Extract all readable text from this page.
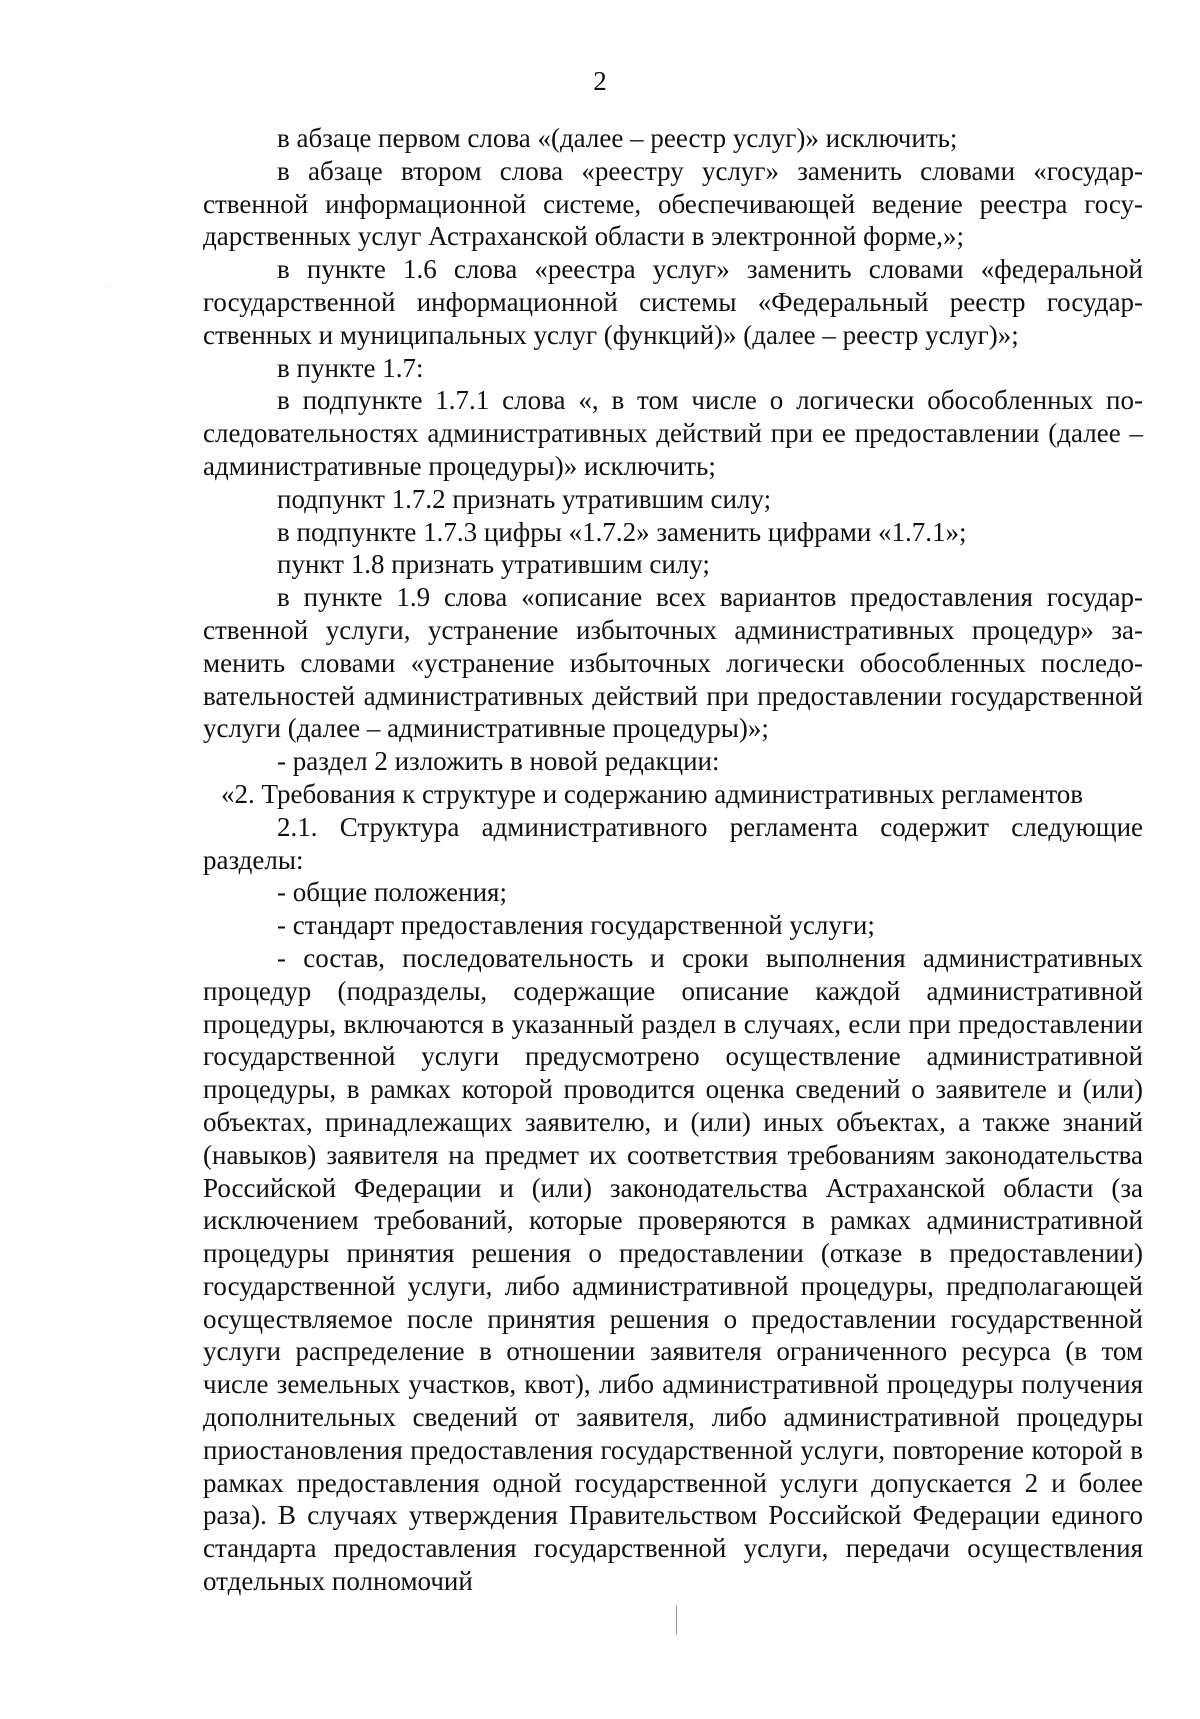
2

в абзаце первом слова «(далее – реестр услуг)» исключить;

в абзаце втором слова «реестру услуг» заменить словами «государственной информационной системе, обеспечивающей ведение реестра государственных услуг Астраханской области в электронной форме,»;

в пункте 1.6 слова «реестра услуг» заменить словами «федеральной государственной информационной системы «Федеральный реестр государственных и муниципальных услуг (функций)» (далее – реестр услуг)»;

в пункте 1.7:

в подпункте 1.7.1 слова «, в том числе о логически обособленных последовательностях административных действий при ее предоставлении (далее – административные процедуры)» исключить;

подпункт 1.7.2 признать утратившим силу;

в подпункте 1.7.3 цифры «1.7.2» заменить цифрами «1.7.1»;

пункт 1.8 признать утратившим силу;

в пункте 1.9 слова «описание всех вариантов предоставления государственной услуги, устранение избыточных административных процедур» заменить словами «устранение избыточных логически обособленных последовательностей административных действий при предоставлении государственной услуги (далее – административные процедуры)»;

- раздел 2 изложить в новой редакции:

«2. Требования к структуре и содержанию административных регламентов

2.1. Структура административного регламента содержит следующие разделы:

- общие положения;

- стандарт предоставления государственной услуги;

- состав, последовательность и сроки выполнения административных процедур (подразделы, содержащие описание каждой административной процедуры, включаются в указанный раздел в случаях, если при предоставлении государственной услуги предусмотрено осуществление административной процедуры, в рамках которой проводится оценка сведений о заявителе и (или) объектах, принадлежащих заявителю, и (или) иных объектах, а также знаний (навыков) заявителя на предмет их соответствия требованиям законодательства Российской Федерации и (или) законодательства Астраханской области (за исключением требований, которые проверяются в рамках административной процедуры принятия решения о предоставлении (отказе в предоставлении) государственной услуги, либо административной процедуры, предполагающей осуществляемое после принятия решения о предоставлении государственной услуги распределение в отношении заявителя ограниченного ресурса (в том числе земельных участков, квот), либо административной процедуры получения дополнительных сведений от заявителя, либо административной процедуры приостановления предоставления государственной услуги, повторение которой в рамках предоставления одной государственной услуги допускается 2 и более раза). В случаях утверждения Правительством Российской Федерации единого стандарта предоставления государственной услуги, передачи осуществления отдельных полномочий
